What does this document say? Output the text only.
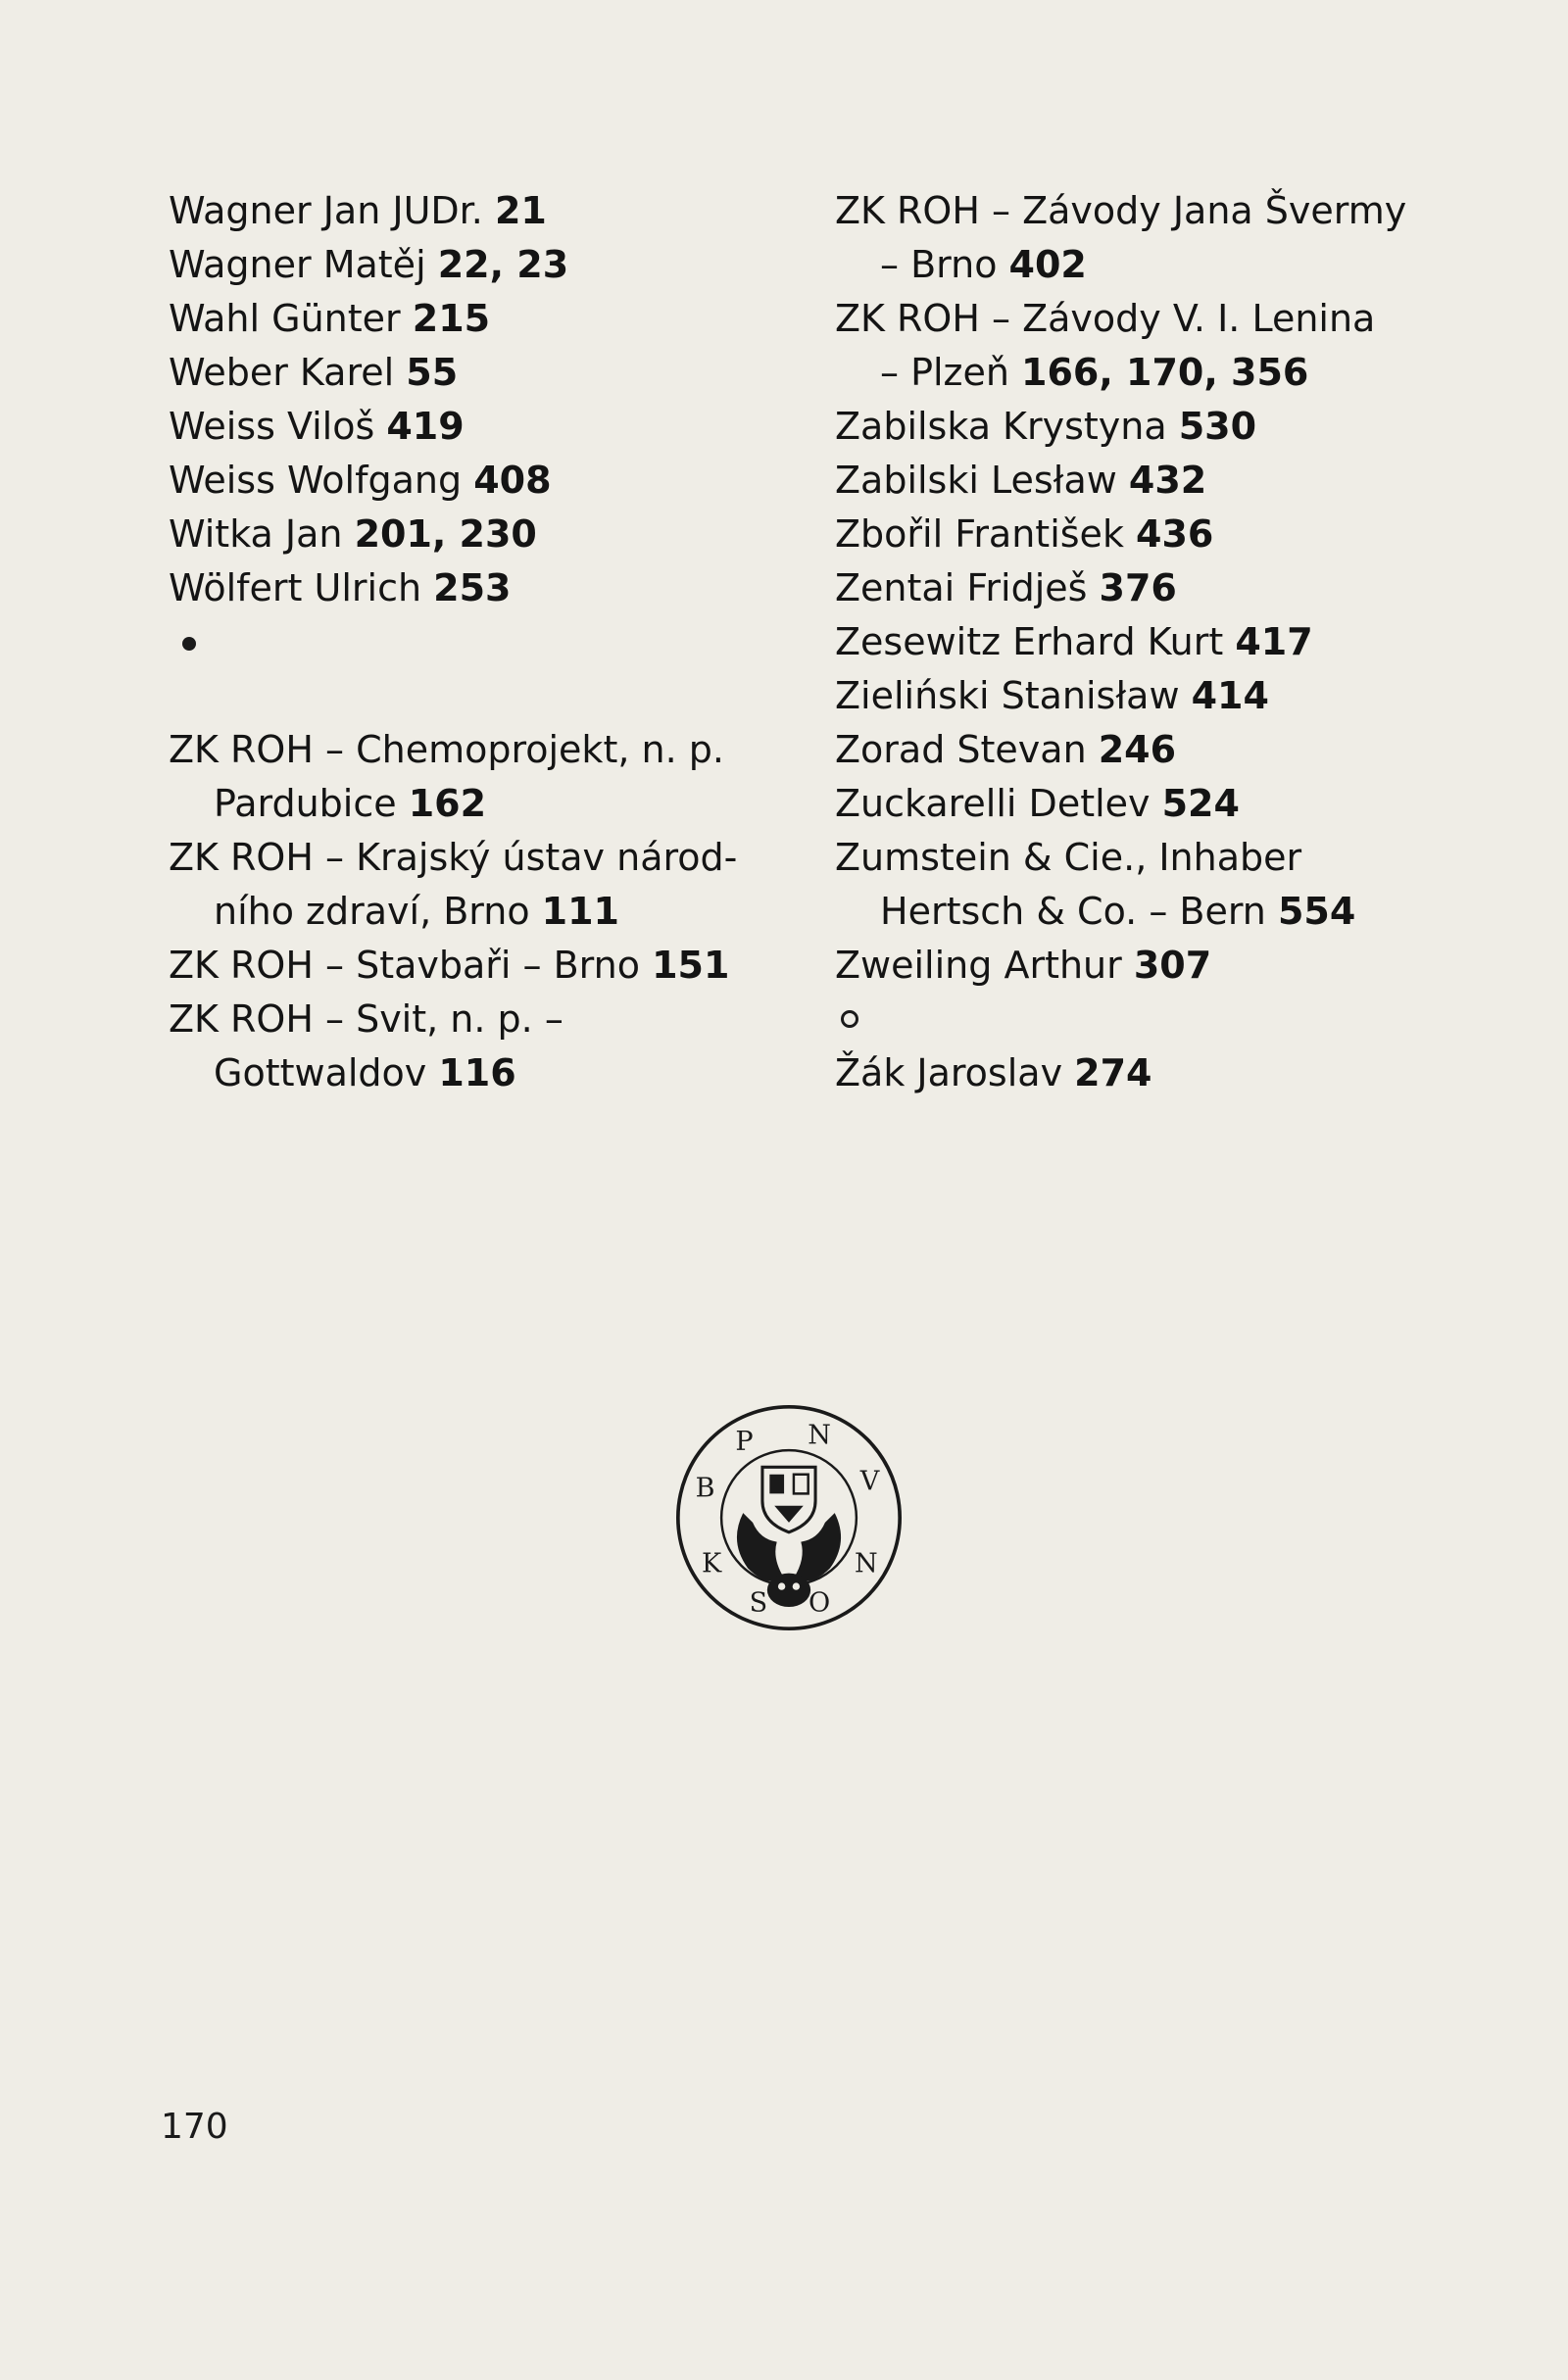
Wagner Jan JUDr. 21
Wagner Matěj 22, 23
Wahl Günter 215
Weber Karel 55
Weiss Viloš 419
Weiss Wolfgang 408
Witka Jan 201, 230
Wölfert Ulrich 253
ZK ROH – Chemoprojekt, n. p.
Pardubice 162
ZK ROH – Krajský ústav národ-
ního zdraví, Brno 111
ZK ROH – Stavbaři – Brno 151
ZK ROH – Svit, n. p. –
Gottwaldov 116
ZK ROH – Závody Jana Švermy
– Brno 402
ZK ROH – Závody V. I. Lenina
– Plzeň 166, 170, 356
Zabilska Krystyna 530
Zabilski Lesław 432
Zbořil František 436
Zentai Fridješ 376
Zesewitz Erhard Kurt 417
Zieliński Stanisław 414
Zorad Stevan 246
Zuckarelli Detlev 524
Zumstein & Cie., Inhaber
Hertsch & Co. – Bern 554
Zweiling Arthur 307
Žák Jaroslav 274
170
B
P	N
V
N
O
S
K
